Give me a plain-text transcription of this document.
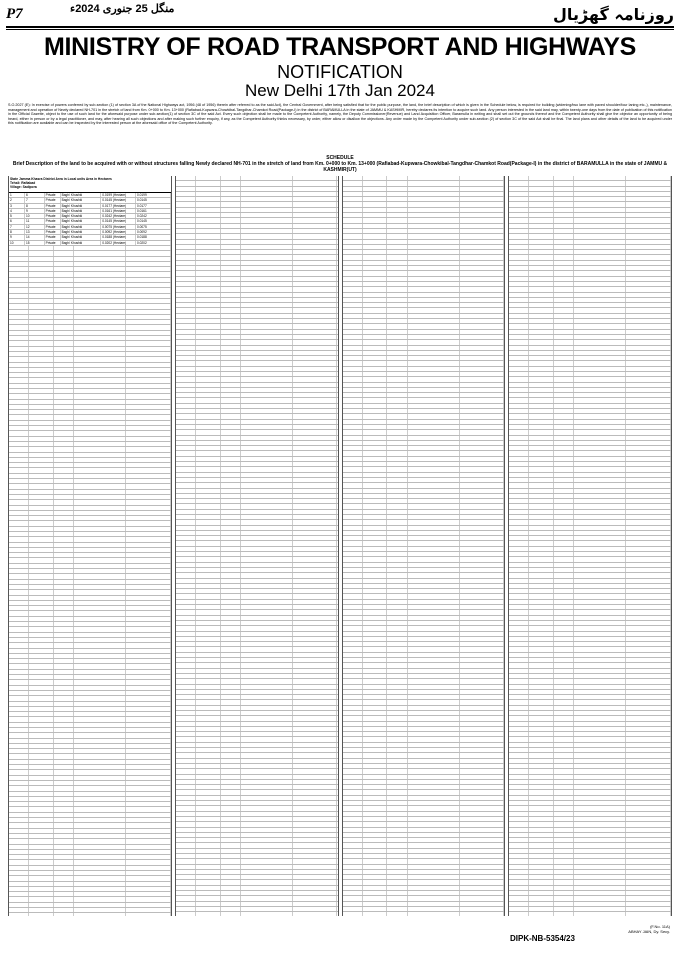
P7	روزنامہ گھڑیال
منگل 25 جنوری 2024ء
MINISTRY OF ROAD TRANSPORT AND HIGHWAYS
NOTIFICATION
New Delhi 17th Jan 2024
S.O.2027 (E): In exercise of powers conferred by sub-section (1) of section 3A of the National Highways act, 1956 (48 of 1956) therein after referred to as the said Act), the Central Government, after being satisfied that for the public purpose, the land, the brief description of which is given in the Schedule below, is required for building (widening/two lane with paved shoulder/four laning etc.,), maintenance, management and operation of Newly declared NH-701 in the stretch of land from Km. 0+000 to Km. 13+000 (Rafiabad-Kupwara-Chowkibal-Tangdhar-Chamkot Road(Package-I) in the district of BARAMULLA in the state of JAMMU & KASHMIR, hereby declares its intention to acquire such land. Any person interested in the said land may, within twenty-one days from the date of publication of this notification in the Official Gazette, object to the use of such land for the aforesaid purpose under sub-section(1) of section 3C of the said Act. Every such objection shall be made to the Competent Authority, namely, the Deputy Commissioner(Revenue) and Land Acquisition Officer, Baramulla in writing and shall set out the grounds thereof and the Competent Authority shall give the objector an opportunity of being heard, either in person or by a legal practitioner, and may, after hearing all such objections and after making such further enquiry, if any, as the Competent Authority thinks necessary, by order, either allow or disallow the objections. Any order made by the Competent Authority under sub-section (2) of section 3C of the said Act shall be final. The land plans and other details of the land to be acquired under this notification are available and can be inspected by the interested person at the aforesaid office of the Competent Authority.
SCHEDULE
Brief Description of the land to be acquired with or without structures falling Newly declared NH-701 in the stretch of land from Km. 0+000 to Km. 13+000 (Rafiabad-Kupwara-Chowkibal-Tangdhar-Chamkot Road(Package-I) in the district of BARAMULLA in the state of JAMMU & KASHMIR(UT)
State Jamma Khasra District Area in Local units Area in Hectares
Tehsil: Rafiabad
Village: Sadipora
1	6	Private	Bagh/ Khushki	0.0199 (Hectare)	0.0199
2	7	Private	Bagh/ Khushki	0.0145 (Hectare)	0.0145
3	8	Private	Bagh/ Khushki	0.0177 (Hectare)	0.0177
4	9	Private	Bagh/ Khushki	0.0161 (Hectare)	0.0161
5	10	Private	Bagh/ Khushki	0.0242 (Hectare)	0.0242
6	11	Private	Bagh/ Khushki	0.0145 (Hectare)	0.0145
7	12	Private	Bagh/ Khushki	0.0075 (Hectare)	0.0075
8	13	Private	Bagh/ Khushki	0.0092 (Hectare)	0.0092
9	14	Private	Bagh/ Khushki	0.0188 (Hectare)	0.0188
10	15	Private	Bagh/ Khushki	0.0202 (Hectare)	0.0202
(F.No. 11A)
ABHAY JAIN, Dy. Secy.
DIPK-NB-5354/23
